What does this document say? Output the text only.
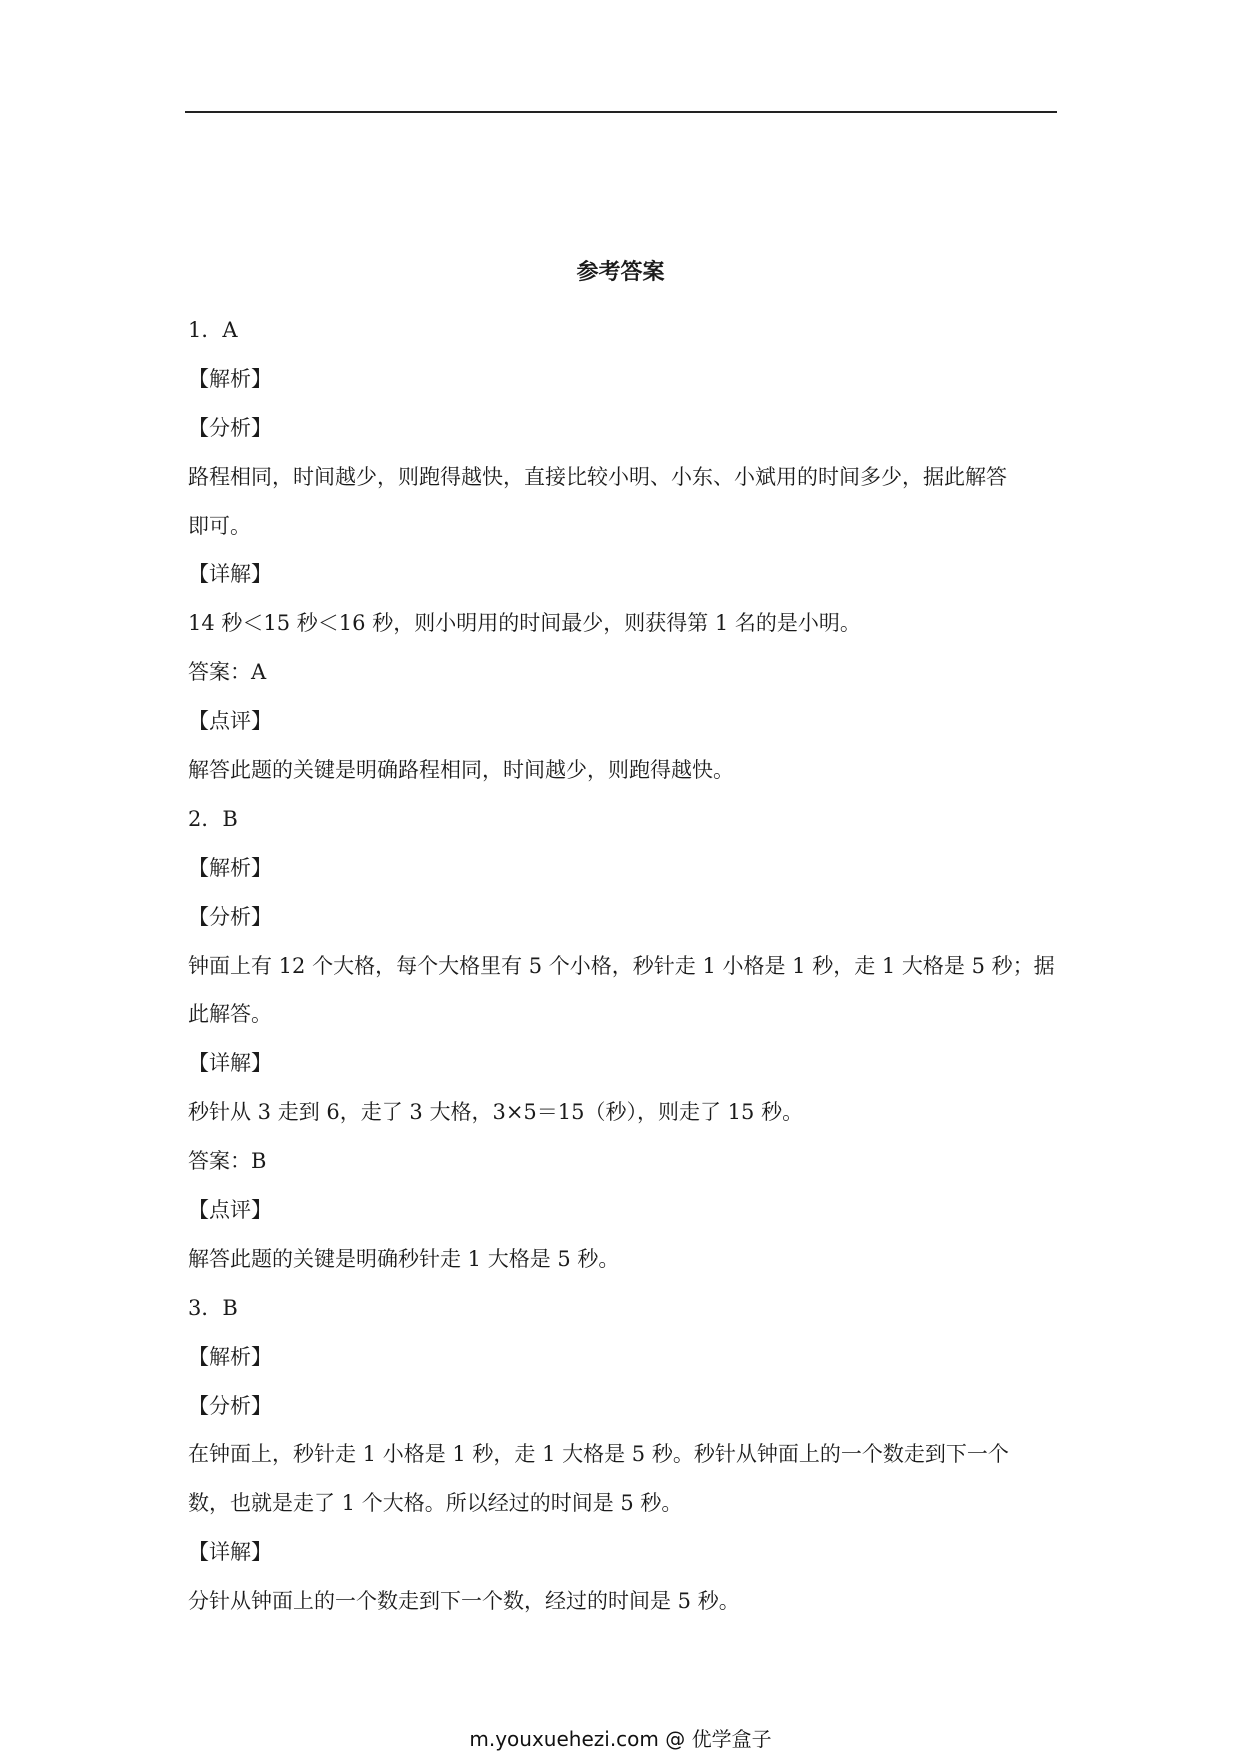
参考答案
1．A
【解析】
【分析】
路程相同，时间越少，则跑得越快，直接比较小明、小东、小斌用的时间多少，据此解答
即可。
【详解】
14 秒＜15 秒＜16 秒，则小明用的时间最少，则获得第 1 名的是小明。
答案：A
【点评】
解答此题的关键是明确路程相同，时间越少，则跑得越快。
2．B
【解析】
【分析】
钟面上有 12 个大格，每个大格里有 5 个小格，秒针走 1 小格是 1 秒，走 1 大格是 5 秒；据
此解答。
【详解】
秒针从 3 走到 6，走了 3 大格，3×5＝15（秒），则走了 15 秒。
答案：B
【点评】
解答此题的关键是明确秒针走 1 大格是 5 秒。
3．B
【解析】
【分析】
在钟面上，秒针走 1 小格是 1 秒，走 1 大格是 5 秒。秒针从钟面上的一个数走到下一个
数，也就是走了 1 个大格。所以经过的时间是 5 秒。
【详解】
分针从钟面上的一个数走到下一个数，经过的时间是 5 秒。
m.youxuehezi.com @ 优学盒子
